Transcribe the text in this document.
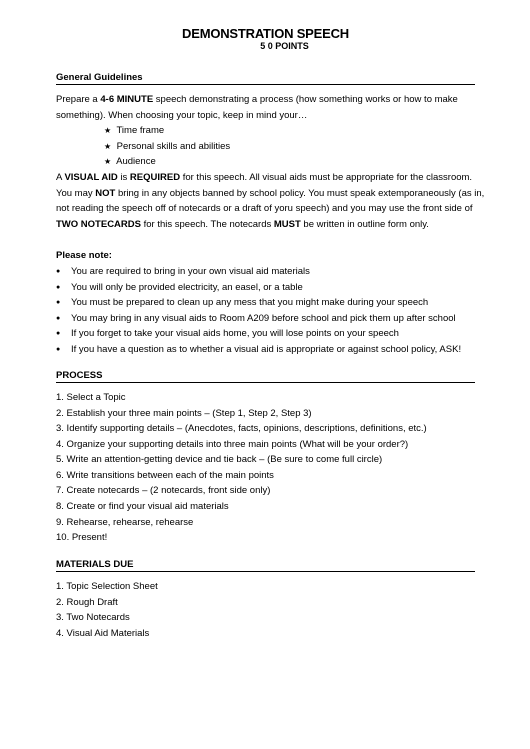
DEMONSTRATION SPEECH
5 0 POINTS
General Guidelines
Prepare a 4-6 MINUTE speech demonstrating a process (how something works or how to make
something). When choosing your topic, keep in mind your…
★ Time frame
★ Personal skills and abilities
★ Audience
A VISUAL AID is REQUIRED for this speech. All visual aids must be appropriate for the classroom.
You may NOT bring in any objects banned by school policy. You must speak extemporaneously (as in,
not reading the speech off of notecards or a draft of yoru speech) and you may use the front side of
TWO NOTECARDS for this speech. The notecards MUST be written in outline form only.
Please note:
● You are required to bring in your own visual aid materials
● You will only be provided electricity, an easel, or a table
● You must be prepared to clean up any mess that you might make during your speech
● You may bring in any visual aids to Room A209 before school and pick them up after school
● If you forget to take your visual aids home, you will lose points on your speech
● If you have a question as to whether a visual aid is appropriate or against school policy, ASK!
PROCESS
1. Select a Topic
2. Establish your three main points – (Step 1, Step 2, Step 3)
3. Identify supporting details – (Anecdotes, facts, opinions, descriptions, definitions, etc.)
4. Organize your supporting details into three main points (What will be your order?)
5. Write an attention-getting device and tie back – (Be sure to come full circle)
6. Write transitions between each of the main points
7. Create notecards – (2 notecards, front side only)
8. Create or find your visual aid materials
9. Rehearse, rehearse, rehearse
10. Present!
MATERIALS DUE
1. Topic Selection Sheet
2. Rough Draft
3. Two Notecards
4. Visual Aid Materials
